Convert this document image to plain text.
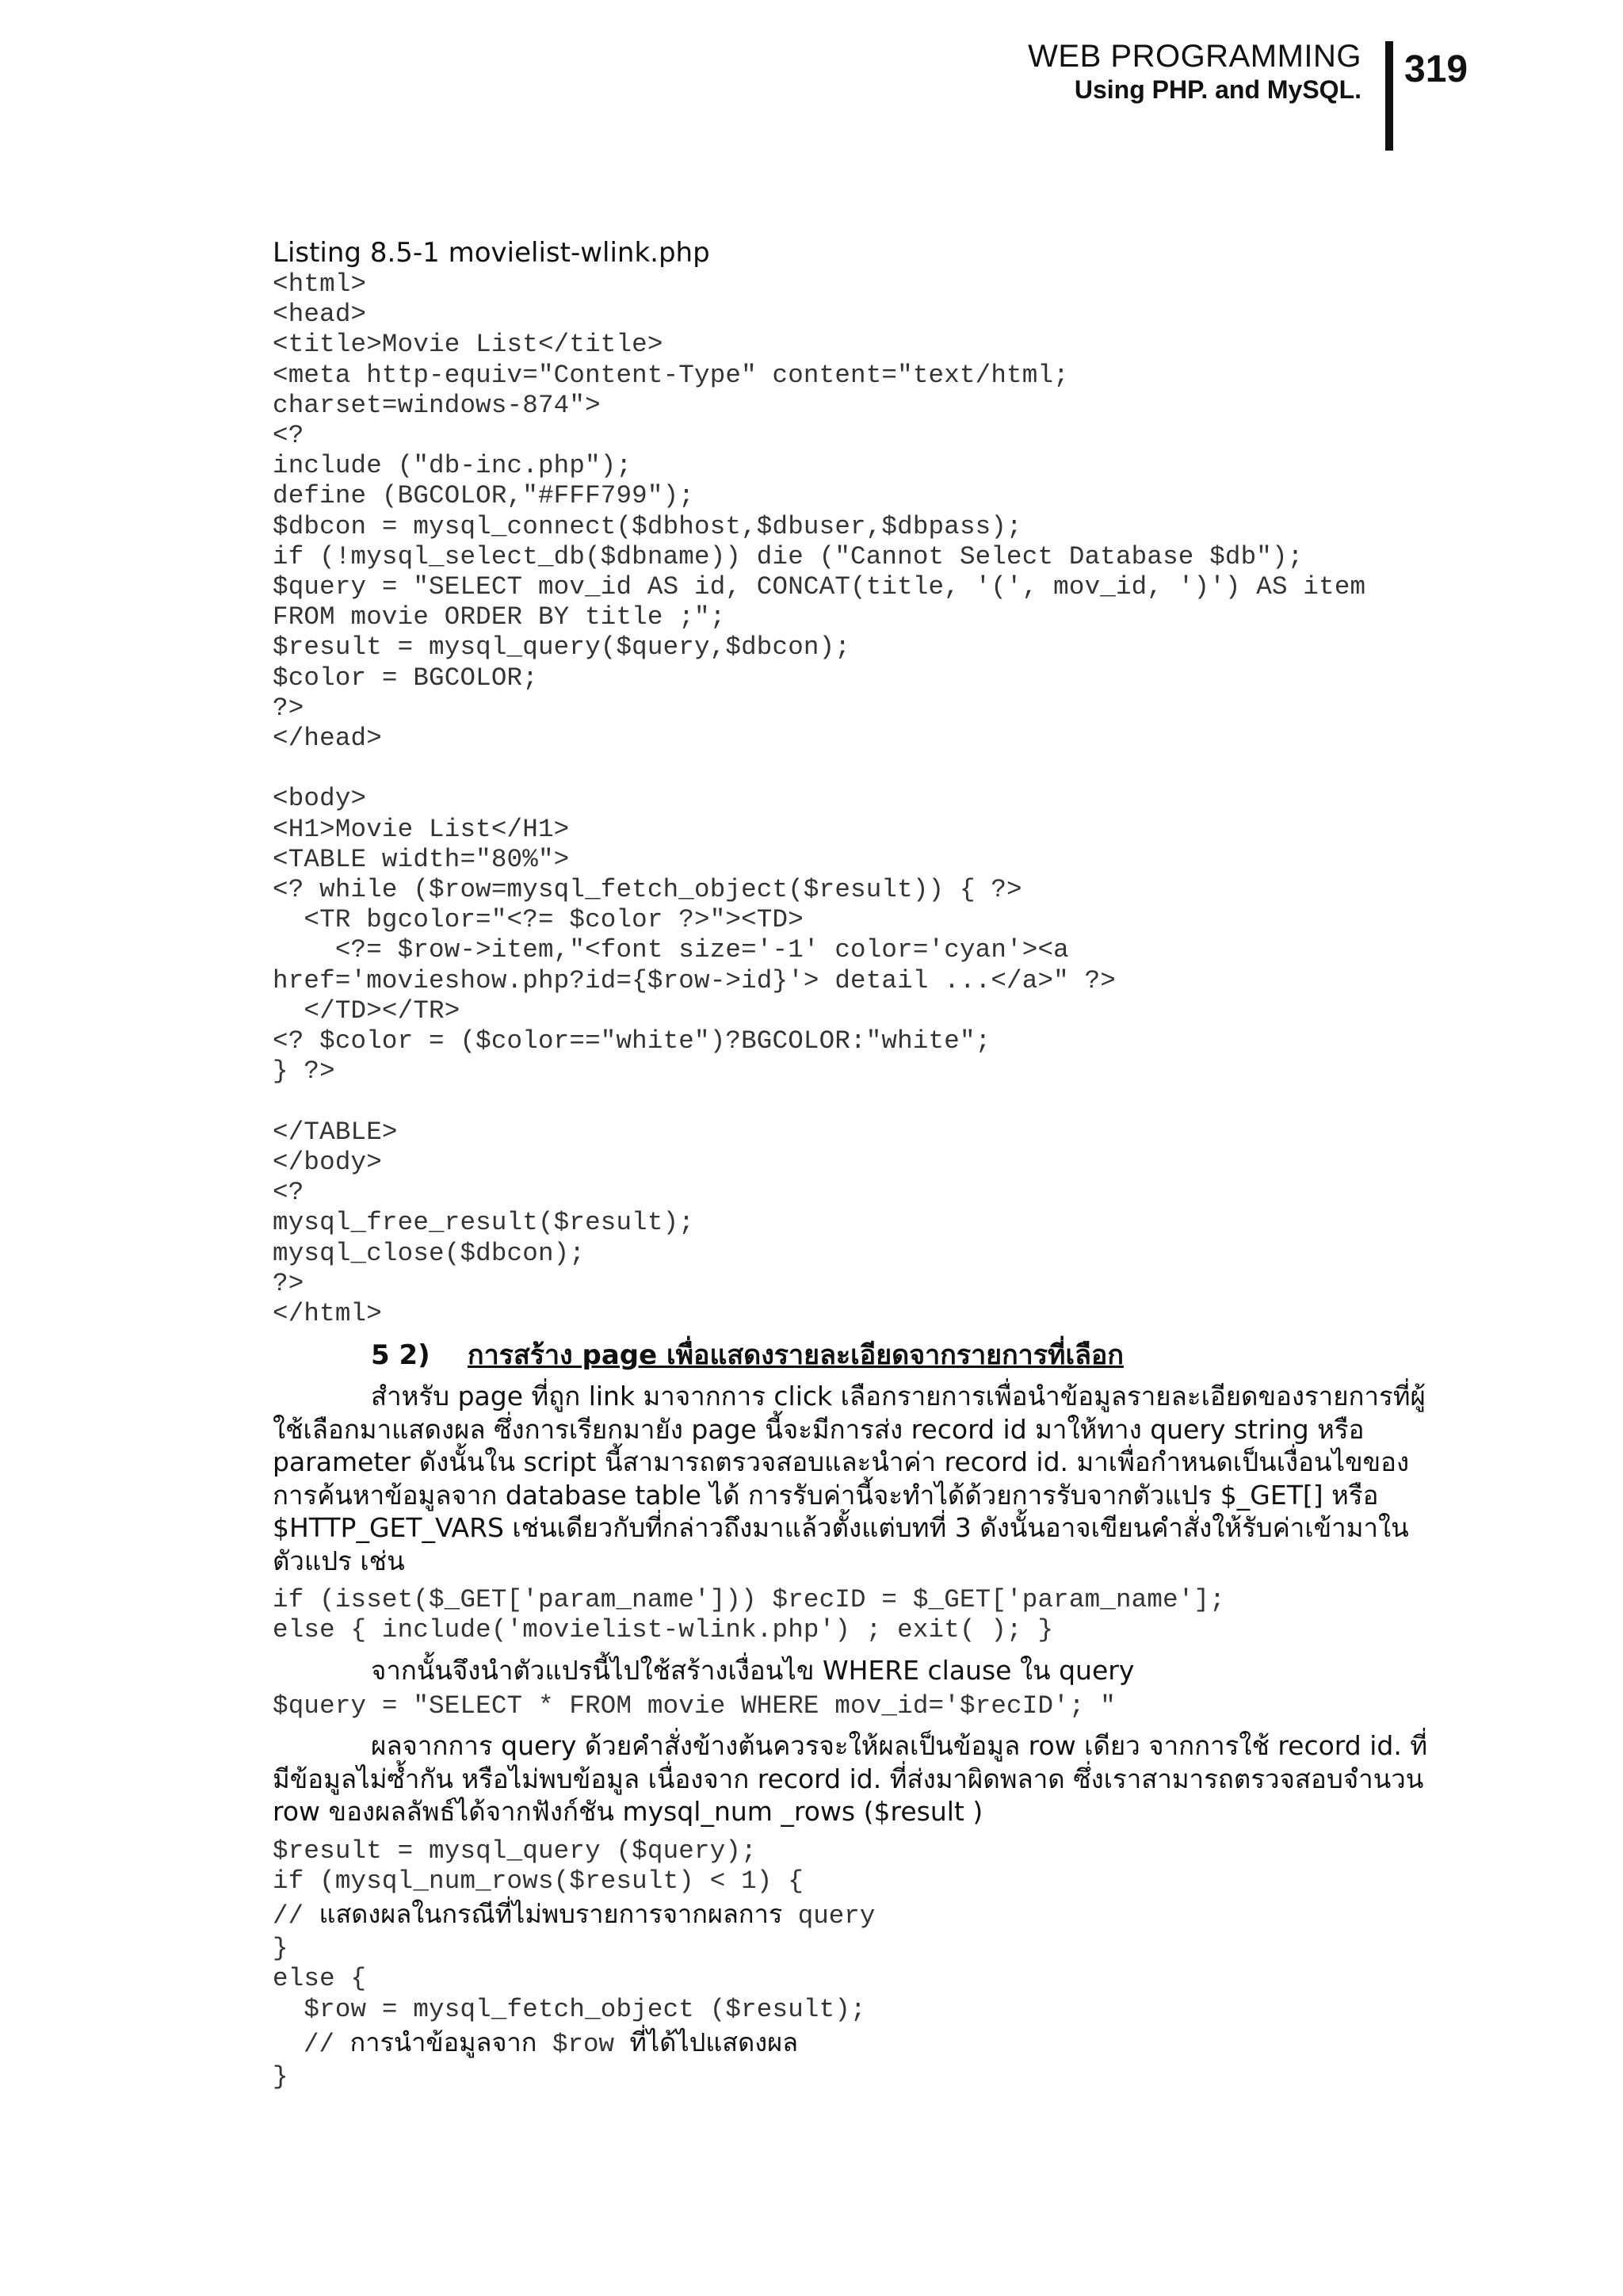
WEB PROGRAMMING
Using PHP. and MySQL. 319

Listing 8.5-1 movielist-wlink.php

<html>
<head>
<title>Movie List</title>
<meta http-equiv="Content-Type" content="text/html;
charset=windows-874">
<?
include ("db-inc.php");
define (BGCOLOR,"#FFF799");
$dbcon = mysql_connect($dbhost,$dbuser,$dbpass);
if (!mysql_select_db($dbname)) die ("Cannot Select Database $db");
$query = "SELECT mov_id AS id, CONCAT(title, '(', mov_id, ')') AS item
FROM movie ORDER BY title ;";
$result = mysql_query($query,$dbcon);
$color = BGCOLOR;
?>
</head>

<body>
<H1>Movie List</H1>
<TABLE width="80%">
<? while ($row=mysql_fetch_object($result)) { ?>
<TR bgcolor="<?= $color ?>"><TD>
<?= $row->item,"<font size='-1' color='cyan'><a
href='movieshow.php?id={$row->id}'> detail ...</a>" ?>
</TD></TR>
<? $color = ($color=="white")?BGCOLOR:"white";
} ?>

</TABLE>
</body>
<?
mysql_free_result($result);
mysql_close($dbcon);
?>
</html>
5 2) การสร้าง page เพื่อแสดงรายละเอียดจากรายการที่เลือก

สำหรับ page ที่ถูก link มาจากการ click เลือกรายการเพื่อนำข้อมูลรายละเอียดของรายการที่ผู้ใช้เลือกมาแสดงผล ซึ่งการเรียกมายัง page นี้จะมีการส่ง record id มาให้ทาง query string หรือ parameter ดังนั้นใน script นี้สามารถตรวจสอบและนำค่า record id. มาเพื่อกำหนดเป็นเงื่อนไขของการค้นหาข้อมูลจาก database table ได้ การรับค่านี้จะทำได้ด้วยการรับจากตัวแปร $_GET[] หรือ $HTTP_GET_VARS เช่นเดียวกับที่กล่าวถึงมาแล้วตั้งแต่บทที่ 3 ดังนั้นอาจเขียนคำสั่งให้รับค่าเข้ามาในตัวแปร เช่น

if (isset($_GET['param_name'])) $recID = $_GET['param_name'];
else { include('movielist-wlink.php') ; exit( ); }

จากนั้นจึงนำตัวแปรนี้ไปใช้สร้างเงื่อนไข WHERE clause ใน query

$query = "SELECT * FROM movie WHERE mov_id='$recID'; "

ผลจากการ query ด้วยคำสั่งข้างต้นควรจะให้ผลเป็นข้อมูล row เดียว จากการใช้ record id. ที่มีข้อมูลไม่ซ้ำกัน หรือไม่พบข้อมูล เนื่องจาก record id. ที่ส่งมาผิดพลาด ซึ่งเราสามารถตรวจสอบจำนวน row ของผลลัพธ์ได้จากฟังก์ชัน mysql_num _rows ($result )

$result = mysql_query ($query);
if (mysql_num_rows($result) < 1) {
// แสดงผลในกรณีที่ไม่พบรายการจากผลการ query
}
else {
$row = mysql_fetch_object ($result);
// การนำข้อมูลจาก $row ที่ได้ไปแสดงผล
}
